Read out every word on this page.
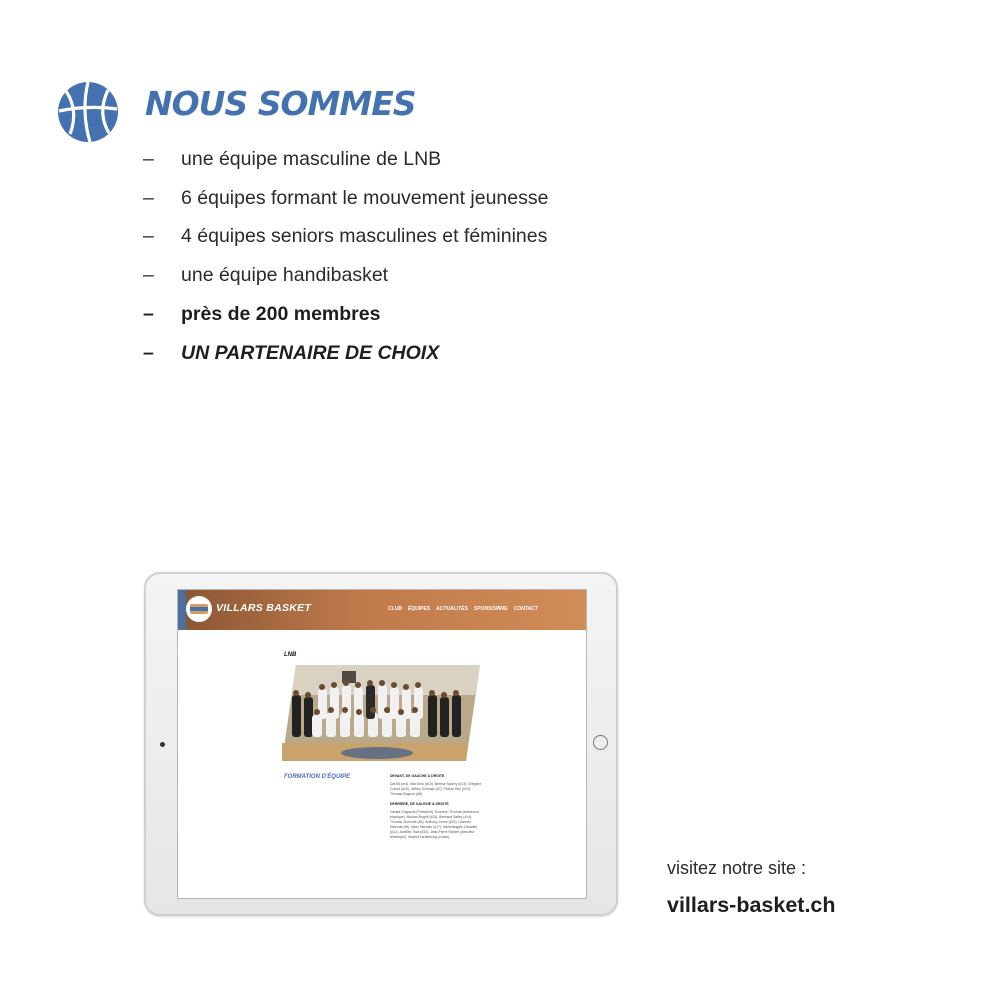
NOUS SOMMES
–	une équipe masculine de LNB
–	6 équipes formant le mouvement jeunesse
–	4 équipes seniors masculines et féminines
–	une équipe handibasket
–	près de 200 membres
–	UN PARTENAIRE DE CHOIX
VILLARS BASKET	CLUB ÉQUIPES ACTUALITÉS SPONSORING CONTACT
LNB
FORMATION D'ÉQUIPE	DEVANT, DE GAUCHE À DROITE
Dai Mil (m4), Max Mok (#10), Benhur Sparhy (#13), Grégoire Cunod (#15), Jeffrey Schmalz (#7), Florian Rey (#19), Thomas Bugnon (#8).
DERRIÈRE, DE GAUCHE À DROITE
Gérald Chappuis (Président), Emerson Thomas (entraîneur physique), Nicolas Roghif (#33), Bertrand Salley (#14), Thomas Zumorite (#6), Anthony Jones (#21), Léandro Ettlemal (#5), Marc Sierman (#17), Michelangelo Cavadini (#12), Achilles Toca (#32), Jean-Pierre Raineri (directeur technique), Vincent Laufenburg (coach).
visitez notre site :
villars-basket.ch
